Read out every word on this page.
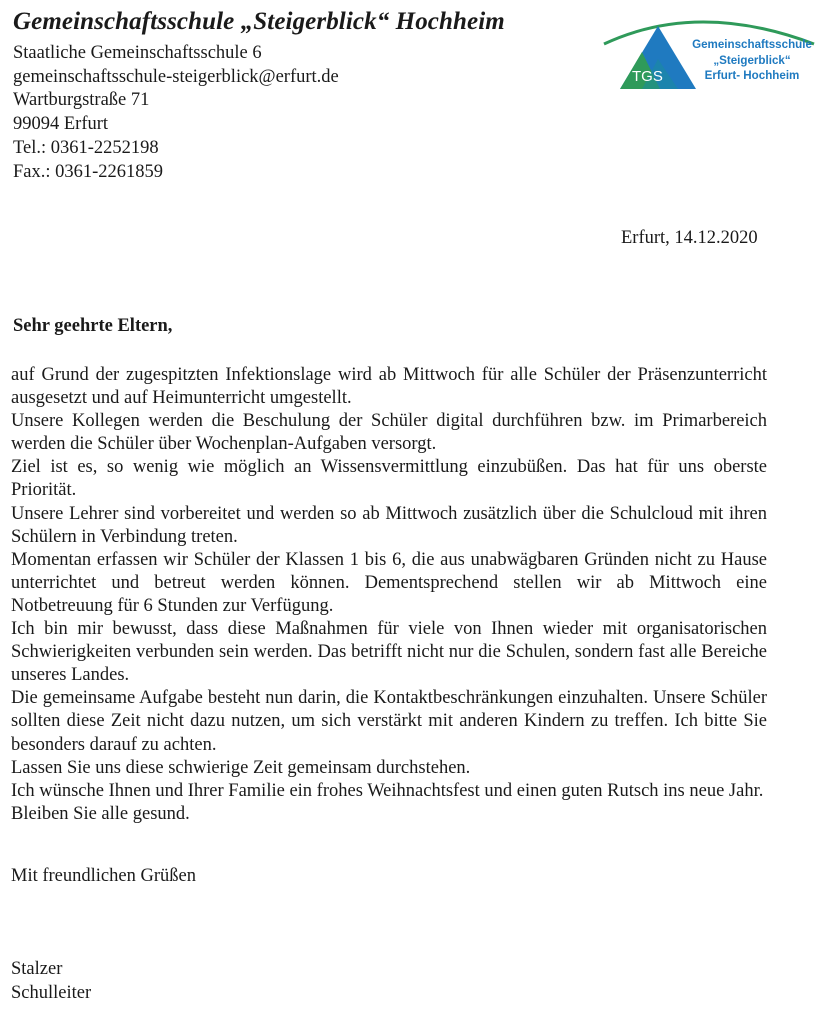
Gemeinschaftsschule „Steigerblick“ Hochheim
Staatliche Gemeinschaftsschule 6
gemeinschaftsschule-steigerblick@erfurt.de
Wartburgstraße 71
99094 Erfurt
Tel.: 0361-2252198
Fax.: 0361-2261859
TGS
Gemeinschaftsschule
„Steigerblick“
Erfurt- Hochheim
Erfurt, 14.12.2020
Sehr geehrte Eltern,

auf Grund der zugespitzten Infektionslage wird ab Mittwoch für alle Schüler der Präsenzunterricht ausgesetzt und auf Heimunterricht umgestellt.

Unsere Kollegen werden die Beschulung der Schüler digital durchführen bzw. im Primarbereich werden die Schüler über Wochenplan-Aufgaben versorgt.

Ziel ist es, so wenig wie möglich an Wissensvermittlung einzubüßen. Das hat für uns oberste Priorität.

Unsere Lehrer sind vorbereitet und werden so ab Mittwoch zusätzlich über die Schulcloud mit ihren Schülern in Verbindung treten.

Momentan erfassen wir Schüler der Klassen 1 bis 6, die aus unabwägbaren Gründen nicht zu Hause unterrichtet und betreut werden können. Dementsprechend stellen wir ab Mittwoch eine Notbetreuung für 6 Stunden zur Verfügung.

Ich bin mir bewusst, dass diese Maßnahmen für viele von Ihnen wieder mit organisatorischen Schwierigkeiten verbunden sein werden. Das betrifft nicht nur die Schulen, sondern fast alle Bereiche unseres Landes.

Die gemeinsame Aufgabe besteht nun darin, die Kontaktbeschränkungen einzuhalten. Unsere Schüler sollten diese Zeit nicht dazu nutzen, um sich verstärkt mit anderen Kindern zu treffen. Ich bitte Sie besonders darauf zu achten.

Lassen Sie uns diese schwierige Zeit gemeinsam durchstehen.

Ich wünsche Ihnen und Ihrer Familie ein frohes Weihnachtsfest und einen guten Rutsch ins neue Jahr.

Bleiben Sie alle gesund.

Mit freundlichen Grüßen
Stalzer
Schulleiter
